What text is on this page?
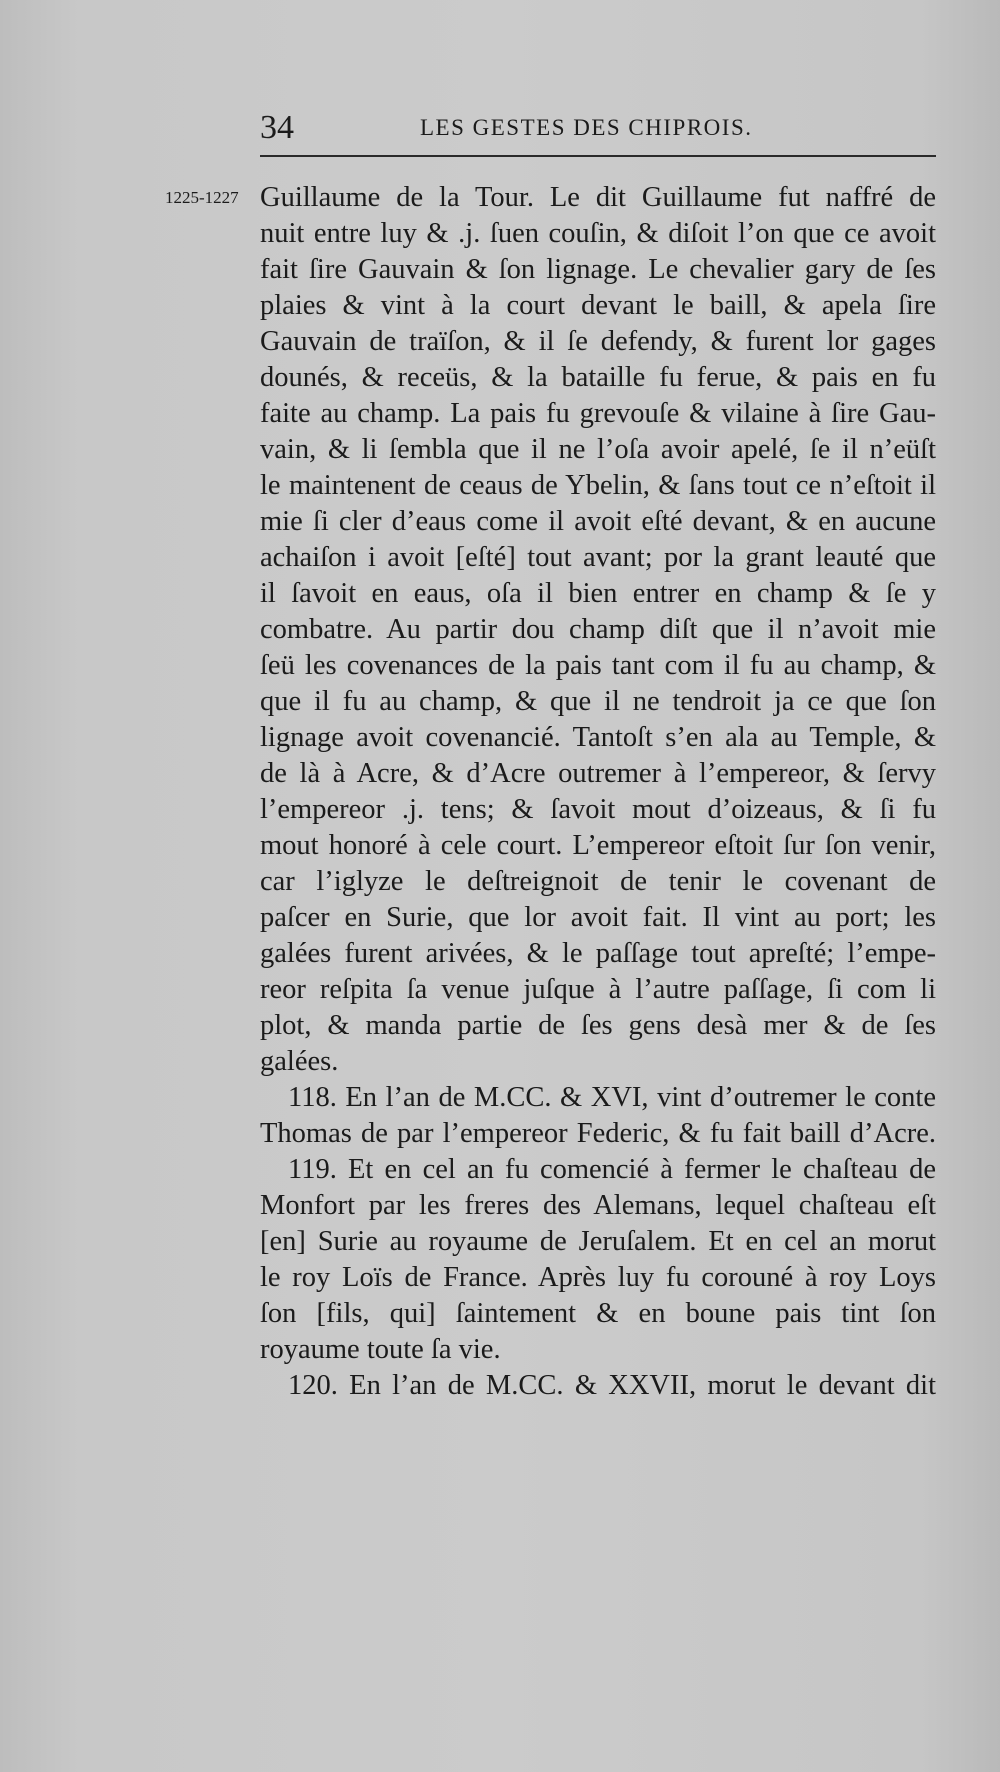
34	LES GESTES DES CHIPROIS.
1225-1227 Guillaume de la Tour. Le dit Guillaume fut naffré de
nuit entre luy & .j. ſuen couſin, & diſoit l’on que ce avoit
fait ſire Gauvain & ſon lignage. Le chevalier gary de ſes
plaies & vint à la court devant le baill, & apela ſire
Gauvain de traïſon, & il ſe defendy, & furent lor gages
dounés, & receüs, & la bataille fu ferue, & pais en fu
faite au champ. La pais fu grevouſe & vilaine à ſire Gau-
vain, & li ſembla que il ne l’oſa avoir apelé, ſe il n’eüſt
le maintenent de ceaus de Ybelin, & ſans tout ce n’eſtoit il
mie ſi cler d’eaus come il avoit eſté devant, & en aucune
achaiſon i avoit [eſté] tout avant; por la grant leauté que
il ſavoit en eaus, oſa il bien entrer en champ & ſe y
combatre. Au partir dou champ diſt que il n’avoit mie
ſeü les covenances de la pais tant com il fu au champ, &
que il fu au champ, & que il ne tendroit ja ce que ſon
lignage avoit covenancié. Tantoſt s’en ala au Temple, &
de là à Acre, & d’Acre outremer à l’empereor, & ſervy
l’empereor .j. tens; & ſavoit mout d’oizeaus, & ſi fu
mout honoré à cele court. L’empereor eſtoit ſur ſon venir,
car l’iglyze le deſtreignoit de tenir le covenant de
paſcer en Surie, que lor avoit fait. Il vint au port; les
galées furent arivées, & le paſſage tout apreſté; l’empe-
reor reſpita ſa venue juſque à l’autre paſſage, ſi com li
plot, & manda partie de ſes gens desà mer & de ſes
galées.
118. En l’an de M.CC. & XVI, vint d’outremer le conte
Thomas de par l’empereor Federic, & fu fait baill d’Acre.
119. Et en cel an fu comencié à fermer le chaſteau de
Monfort par les freres des Alemans, lequel chaſteau eſt
[en] Surie au royaume de Jeruſalem. Et en cel an morut
le roy Loïs de France. Après luy fu corouné à roy Loys
ſon [fils, qui] ſaintement & en boune pais tint ſon
royaume toute ſa vie.
120. En l’an de M.CC. & XXVII, morut le devant dit
